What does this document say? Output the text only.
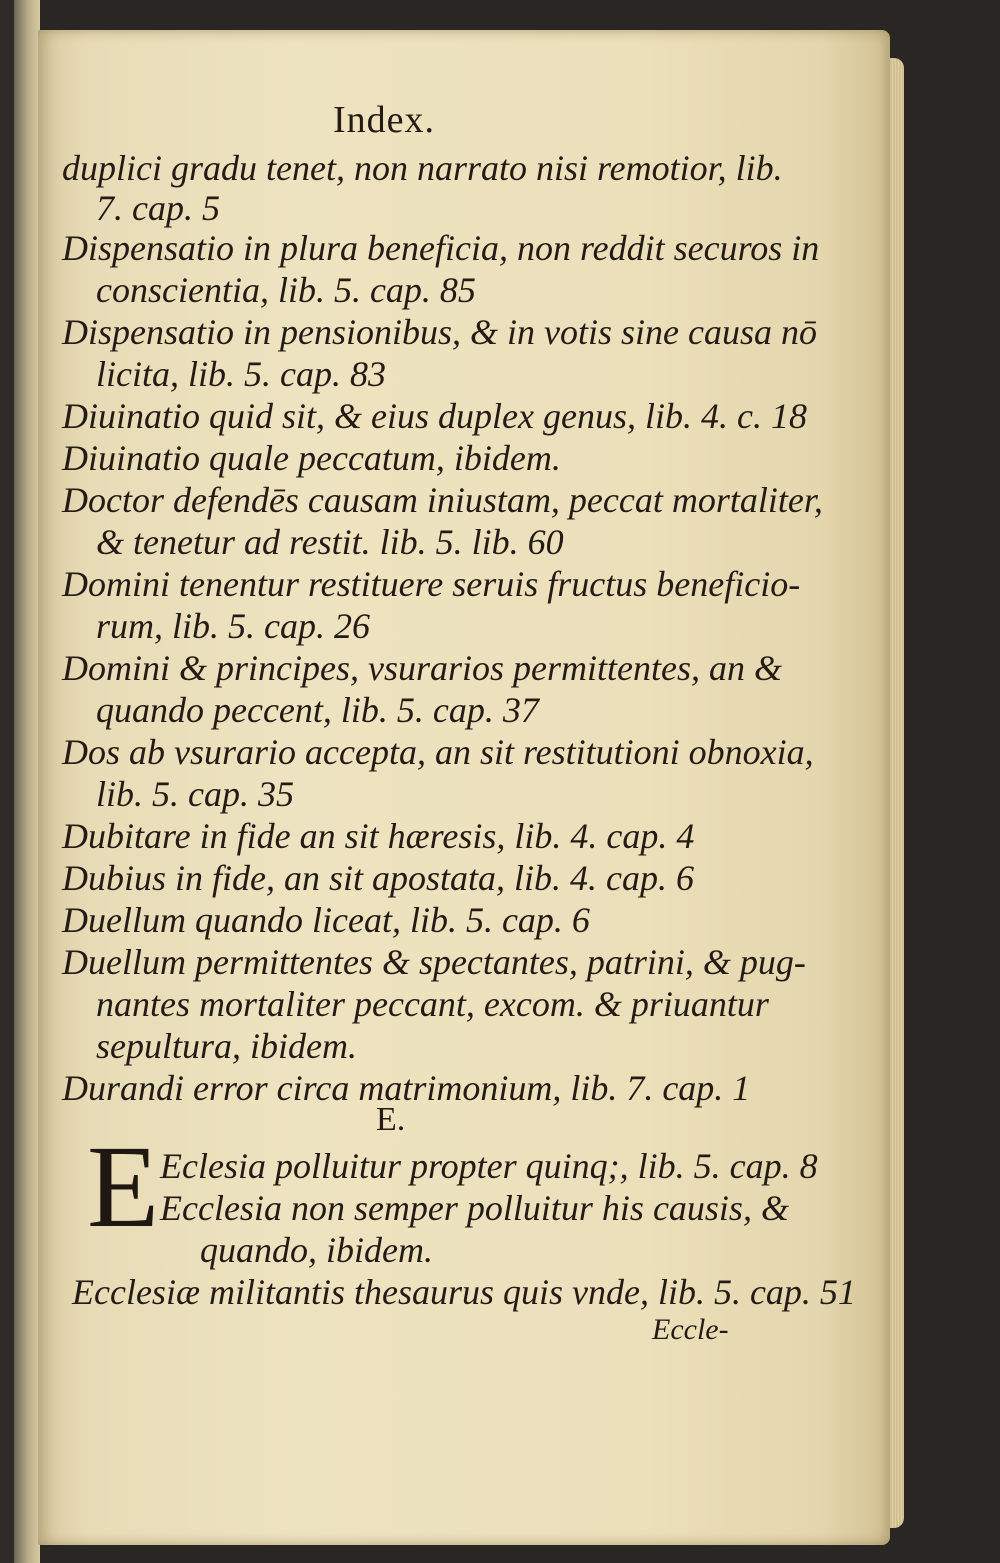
Index.
duplici gradu tenet, non narrato nisi remotior, lib.
7. cap. 5
Dispensatio in plura beneficia, non reddit securos in
conscientia, lib. 5. cap. 85
Dispensatio in pensionibus, & in votis sine causa nō
licita, lib. 5. cap. 83
Diuinatio quid sit, & eius duplex genus, lib. 4. c. 18
Diuinatio quale peccatum, ibidem.
Doctor defendēs causam iniustam, peccat mortaliter,
& tenetur ad restit. lib. 5. lib. 60
Domini tenentur restituere seruis fructus beneficio-
rum, lib. 5. cap. 26
Domini & principes, vsurarios permittentes, an &
quando peccent, lib. 5. cap. 37
Dos ab vsurario accepta, an sit restitutioni obnoxia,
lib. 5. cap. 35
Dubitare in fide an sit hæresis, lib. 4. cap. 4
Dubius in fide, an sit apostata, lib. 4. cap. 6
Duellum quando liceat, lib. 5. cap. 6
Duellum permittentes & spectantes, patrini, & pug-
nantes mortaliter peccant, excom. & priuantur
sepultura, ibidem.
Durandi error circa matrimonium, lib. 7. cap. 1
E.
E Eclesia polluitur propter quinq;, lib. 5. cap. 8
Ecclesia non semper polluitur his causis, &
quando, ibidem.
Ecclesiæ militantis thesaurus quis vnde, lib. 5. cap. 51
Eccle-
